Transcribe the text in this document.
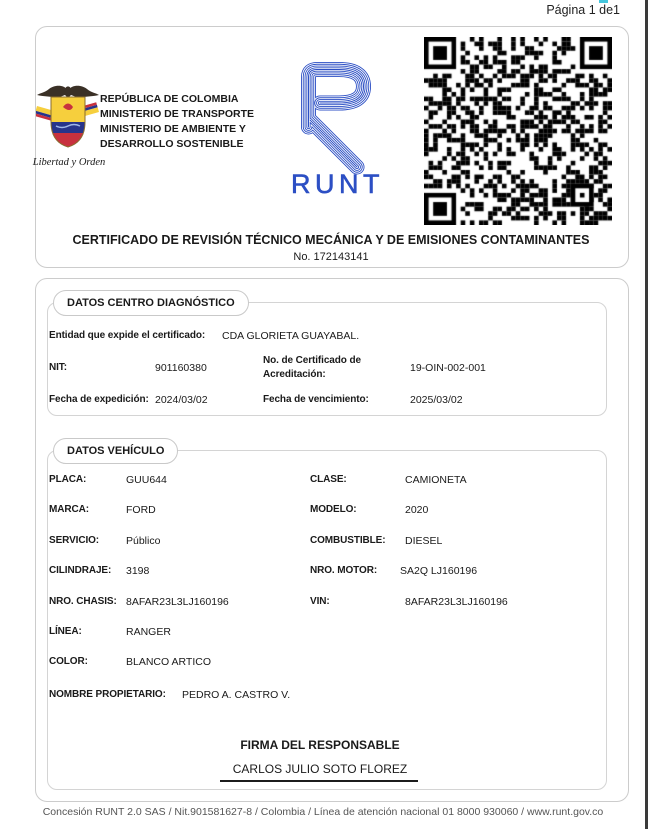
Página 1 de1
Libertad y Orden
REPÚBLICA DE COLOMBIA
MINISTERIO DE TRANSPORTE
MINISTERIO DE AMBIENTE Y
DESARROLLO SOSTENIBLE
RUNT
CERTIFICADO DE REVISIÓN TÉCNICO MECÁNICA Y DE EMISIONES CONTAMINANTES
No. 172143141
DATOS CENTRO DIAGNÓSTICO
Entidad que expide el certificado: CDA GLORIETA GUAYABAL.
NIT:	901160380
No. de Certificado de Acreditación:	19-OIN-002-001
Fecha de expedición: 2024/03/02	Fecha de vencimiento:	2025/03/02
DATOS VEHÍCULO
PLACA:	GUU644	CLASE:	CAMIONETA
MARCA:	FORD	MODELO:	2020
SERVICIO:	Público	COMBUSTIBLE: DIESEL
CILINDRAJE: 3198	NRO. MOTOR: SA2Q LJ160196
NRO. CHASIS: 8AFAR23L3LJ160196	VIN:	8AFAR23L3LJ160196
LÍNEA:	RANGER
COLOR:	BLANCO ARTICO
NOMBRE PROPIETARIO: PEDRO A. CASTRO V.
FIRMA DEL RESPONSABLE
CARLOS JULIO SOTO FLOREZ
Concesión RUNT 2.0 SAS / Nit.901581627-8 / Colombia / Línea de atención nacional 01 8000 930060 / www.runt.gov.co
